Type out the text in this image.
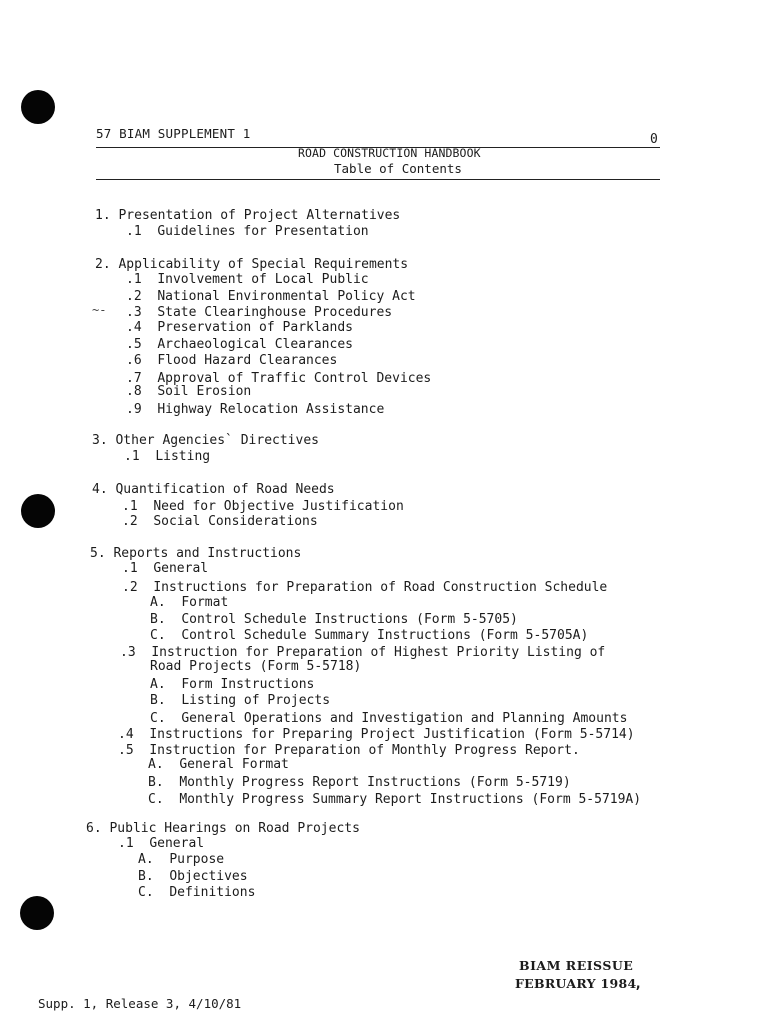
57 BIAM SUPPLEMENT 1	0
ROAD CONSTRUCTION HANDBOOK
Table of Contents
1. Presentation of Project Alternatives
.1 Guidelines for Presentation
2. Applicability of Special Requirements
.1 Involvement of Local Public
.2 National Environmental Policy Act
.3 State Clearinghouse Procedures
.4 Preservation of Parklands
.5 Archaeological Clearances
.6 Flood Hazard Clearances
.7 Approval of Traffic Control Devices
.8 Soil Erosion
.9 Highway Relocation Assistance
3. Other Agencies` Directives
.1 Listing
4. Quantification of Road Needs
.1 Need for Objective Justification
.2 Social Considerations
5. Reports and Instructions
.1 General
.2 Instructions for Preparation of Road Construction Schedule
A. Format
B. Control Schedule Instructions (Form 5-5705)
C. Control Schedule Summary Instructions (Form 5-5705A)
.3 Instruction for Preparation of Highest Priority Listing of
Road Projects (Form 5-5718)
A. Form Instructions
B. Listing of Projects
C. General Operations and Investigation and Planning Amounts
.4 Instructions for Preparing Project Justification (Form 5-5714)
.5 Instruction for Preparation of Monthly Progress Report.
A. General Format
B. Monthly Progress Report Instructions (Form 5-5719)
C. Monthly Progress Summary Report Instructions (Form 5-5719A)
6. Public Hearings on Road Projects
.1 General
A. Purpose
B. Objectives
C. Definitions
~-
BIAM REISSUE
FEBRUARY 1984
,
Supp. 1, Release 3, 4/10/81
